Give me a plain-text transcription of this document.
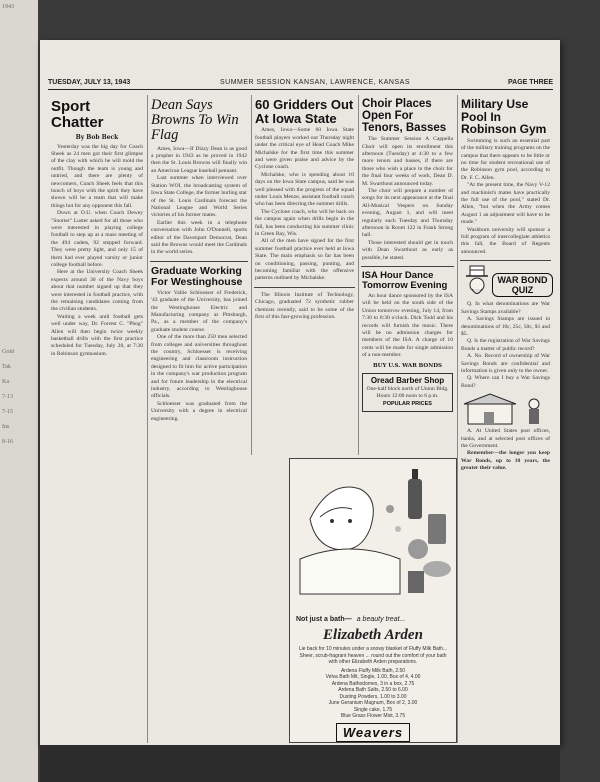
1943
Gold
Tak
Ka
7-13
7-15
Ins
8-16
TUESDAY, JULY 13, 1943	SUMMER SESSION KANSAN, LAWRENCE, KANSAS	PAGE THREE
Sport Chatter
By Bob Beck

Yesterday was the big day for Coach Sheek as 24 men got their first glimpse of the clay with which he will mold the outfit. Though the team is young and untried, and there are plenty of newcomers, Coach Sheek feels that this bunch of boys with the spirit they have shown will be a team that will make things hot for any opponent this fall.

Down at O.U. when Coach Dewey "Snorter" Luster asked for all those who were interested in playing college football to step up at a mass meeting of the 494 cadets, 92 stepped forward. They were pretty light, and only 15 of them had ever played varsity or junior college football before.

Here at the University Coach Sheek expects around 30 of the Navy boys about that number signed up that they were interested in football practice, with the remaining candidates coming from the civilian students.

Waiting a week until football gets well under way, Dr. Forrest C. "Phog" Allen will then begin twice weekly basketball drills with the first practice scheduled for Tuesday, July 20, at 7:30 in Robinson gymnasium.

Dean Says Browns To Win Flag

Ames, Iowa—If Dizzy Dean is as good a prophet in 1943 as he proved in 1942 then the St. Louis Browns will finally win an American League baseball pennant.

Last summer when interviewed over Station WOI, the broadcasting system of Iowa State College, the former hurling star of the St. Louis Cardinals forecast the National League and World Series victories of his former mates.

Earlier this week in a telephone conversation with John O'Donnell, sports editor of the Davenport Democrat, Dean said the Browns would meet the Cardinals in the world series.

Graduate Working For Westinghouse

Victor Vallie Schloesser of Frederick, '43 graduate of the University, has joined the Westinghouse Electric and Manufacturing company at Pittsburgh, Pa., as a member of the company's graduate student course.

One of the more than 250 men selected from colleges and universities throughout the country, Schloesser is receiving engineering and classroom instruction designed to fit him for active participation in the company's war production program and for future leadership in the electrical industry, according to Westinghouse officials.

Schloesser was graduated from the University with a degree in electrical engineering.

60 Gridders Out At Iowa State

Ames, Iowa—Some 60 Iowa State football players worked out Thursday night under the critical eye of Head Coach Mike Michalske for the first time this summer and were given praise and advice by the Cyclone coach.

Michalske, who is spending about 10 days on the Iowa State campus, said he was well pleased with the progress of the squad under Louis Menze, assistant football coach who has been directing the summer drills.

The Cyclone coach, who will be back on the campus again when drills begin in the fall, has been conducting his summer clinic in Green Bay, Wis.

All of the men have signed for the first summer football practice ever held at Iowa State. The main emphasis so far has been on conditioning, passing, punting, and becoming familiar with the offensive patterns outlined by Michalske.

The Illinois Institute of Technology, Chicago, graduated 72 synthetic rubber chemists recently, said to be some of the first of this fast-growing profession.

Choir Places Open For Tenors, Basses

The Summer Session A Cappella Choir will open its enrollment this afternoon (Tuesday) at 4:30 to a few more tenors and basses, if there are those who wish a place in the choir for the final four weeks of work, Dean D. M. Swarthout announced today.

The choir will prepare a number of songs for its next appearance at the final All-Musical Vespers on Sunday evening, August 1, and will meet regularly each Tuesday and Thursday afternoon in Room 122 in Frank Strong hall.

Those interested should get in touch with Dean Swarthout as early as possible, he stated.

ISA Hour Dance Tomorrow Evening

An hour dance sponsored by the ISA will be held on the south side of the Union tomorrow evening, July 14, from 7:30 to 8:30 o'clock. Dick Todd and his records will furnish the music. There will be no admission charges for members of the ISA. A charge of 10 cents will be made for single admission of a non-member.

BUY U.S. WAR BONDS
Oread Barber Shop
One-half block north of Union Bldg. Hours 12:00 noon to 6 p.m.
POPULAR PRICES
Military Use Pool In Robinson Gym

Swimming is such an essential part of the military training programs on the campus that there appears to be little or no time for student recreational use of the Robinson gym pool, according to Dr. F. C. Allen.

"At the present time, the Navy V-12 and machinist's mates have practically the full use of the pool," stated Dr. Allen, "but when the Army comes August 1 an adjustment will have to be made."

Washburn university will sponsor a full program of intercollegiate athletics this fall, the Board of Regents announced.

WAR BOND QUIZ

Q. In what denominations are War Savings Stamps available?

A. Savings Stamps are issued in denominations of 10c, 25c, 50c, $1 and $5.

Q. Is the registration of War Savings Bonds a matter of public record?

A. No. Record of ownership of War Savings Bonds are confidential and information is given only to the owner.

Q. Where can I buy a War Savings Bond?

A. At United States post offices, banks, and at selected post offices of the Government.

Remember—the longer you keep War Bonds, up to 10 years, the greater their value.

Not just a bath— a beauty treat...
Elizabeth Arden
Lie back for 10 minutes under a snowy blanket of Fluffy Milk Bath... Sheer, scrub-fragrant heaven ... round out the comfort of your bath with other Elizabeth Arden preparations.
Ardena Fluffy Milk Bath, 2.50
Velva Bath Mit, Single, 1.00, Box of 4, 4.00
Ardena Bathodomes, 3 in a box, 2.75
Ardena Bath Salts, 2.50 to 6.00
Dusting Powders, 1.00 to 3.00
June Geranium Magnum, Box of 2, 3.00
Single cake, 1.75
Blue Grass Flower Mist, 3.75
Weavers
